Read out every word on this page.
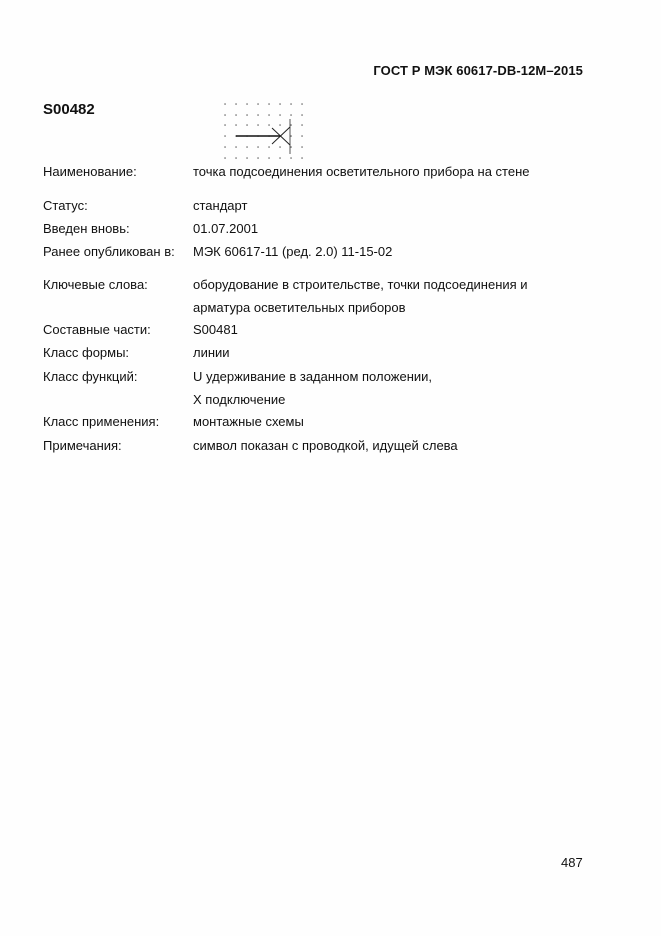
ГОСТ Р МЭК 60617-DB-12M–2015
S00482
Наименование:	точка подсоединения осветительного прибора на стене
Статус:	стандарт
Введен вновь:	01.07.2001
Ранее опубликован в: МЭК 60617-11 (ред. 2.0) 11-15-02
Ключевые слова:	оборудование в строительстве, точки подсоединения и
арматура осветительных приборов
Составные части:	S00481
Класс формы:	линии
Класс функций:	U удерживание в заданном положении,
X подключение
Класс применения:	монтажные схемы
Примечания:	символ показан с проводкой, идущей слева
487
